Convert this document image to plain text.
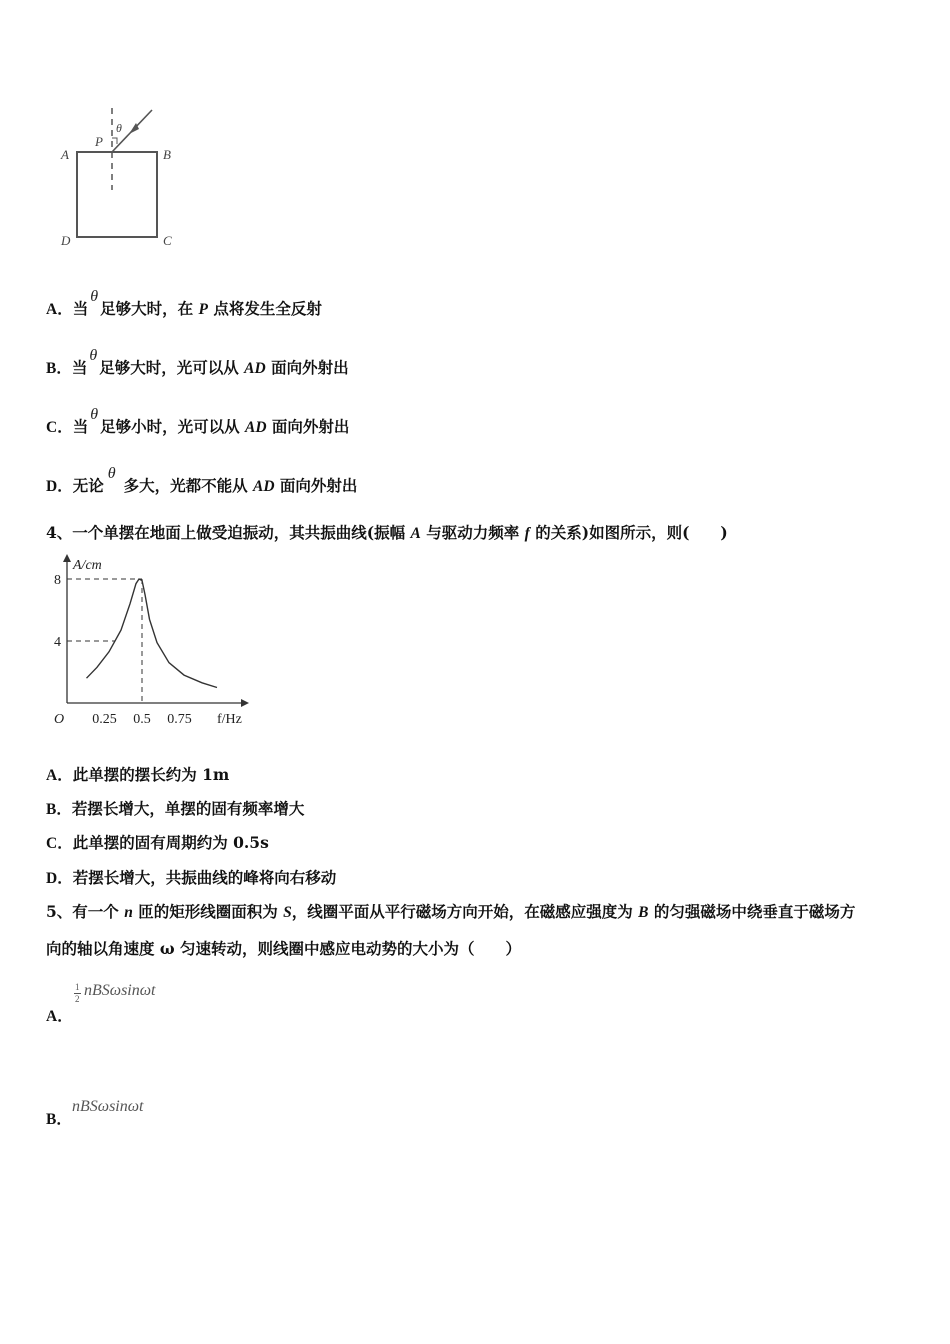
A	B
C
D
P
θ
A．当θ足够大时，在 P 点将发生全反射
B．当θ足够大时，光可以从 AD 面向外射出
C．当θ足够小时，光可以从 AD 面向外射出
D．无论θ多大，光都不能从 AD 面向外射出
4、一个单摆在地面上做受迫振动，其共振曲线(振幅 A 与驱动力频率 f 的关系)如图所示，则(　　)
0.25 0.5 0.75
4
8
A/cm
f/Hz
O
A．此单摆的摆长约为 1m
B．若摆长增大，单摆的固有频率增大
C．此单摆的固有周期约为 0.5s
D．若摆长增大，共振曲线的峰将向右移动
5、有一个 n 匝的矩形线圈面积为 S，线圈平面从平行磁场方向开始，在磁感应强度为 B 的匀强磁场中绕垂直于磁场方
向的轴以角速度 ω 匀速转动，则线圈中感应电动势的大小为（　　）
A．
1
2 nBSωsinωt
B．
nBSωsinωt
